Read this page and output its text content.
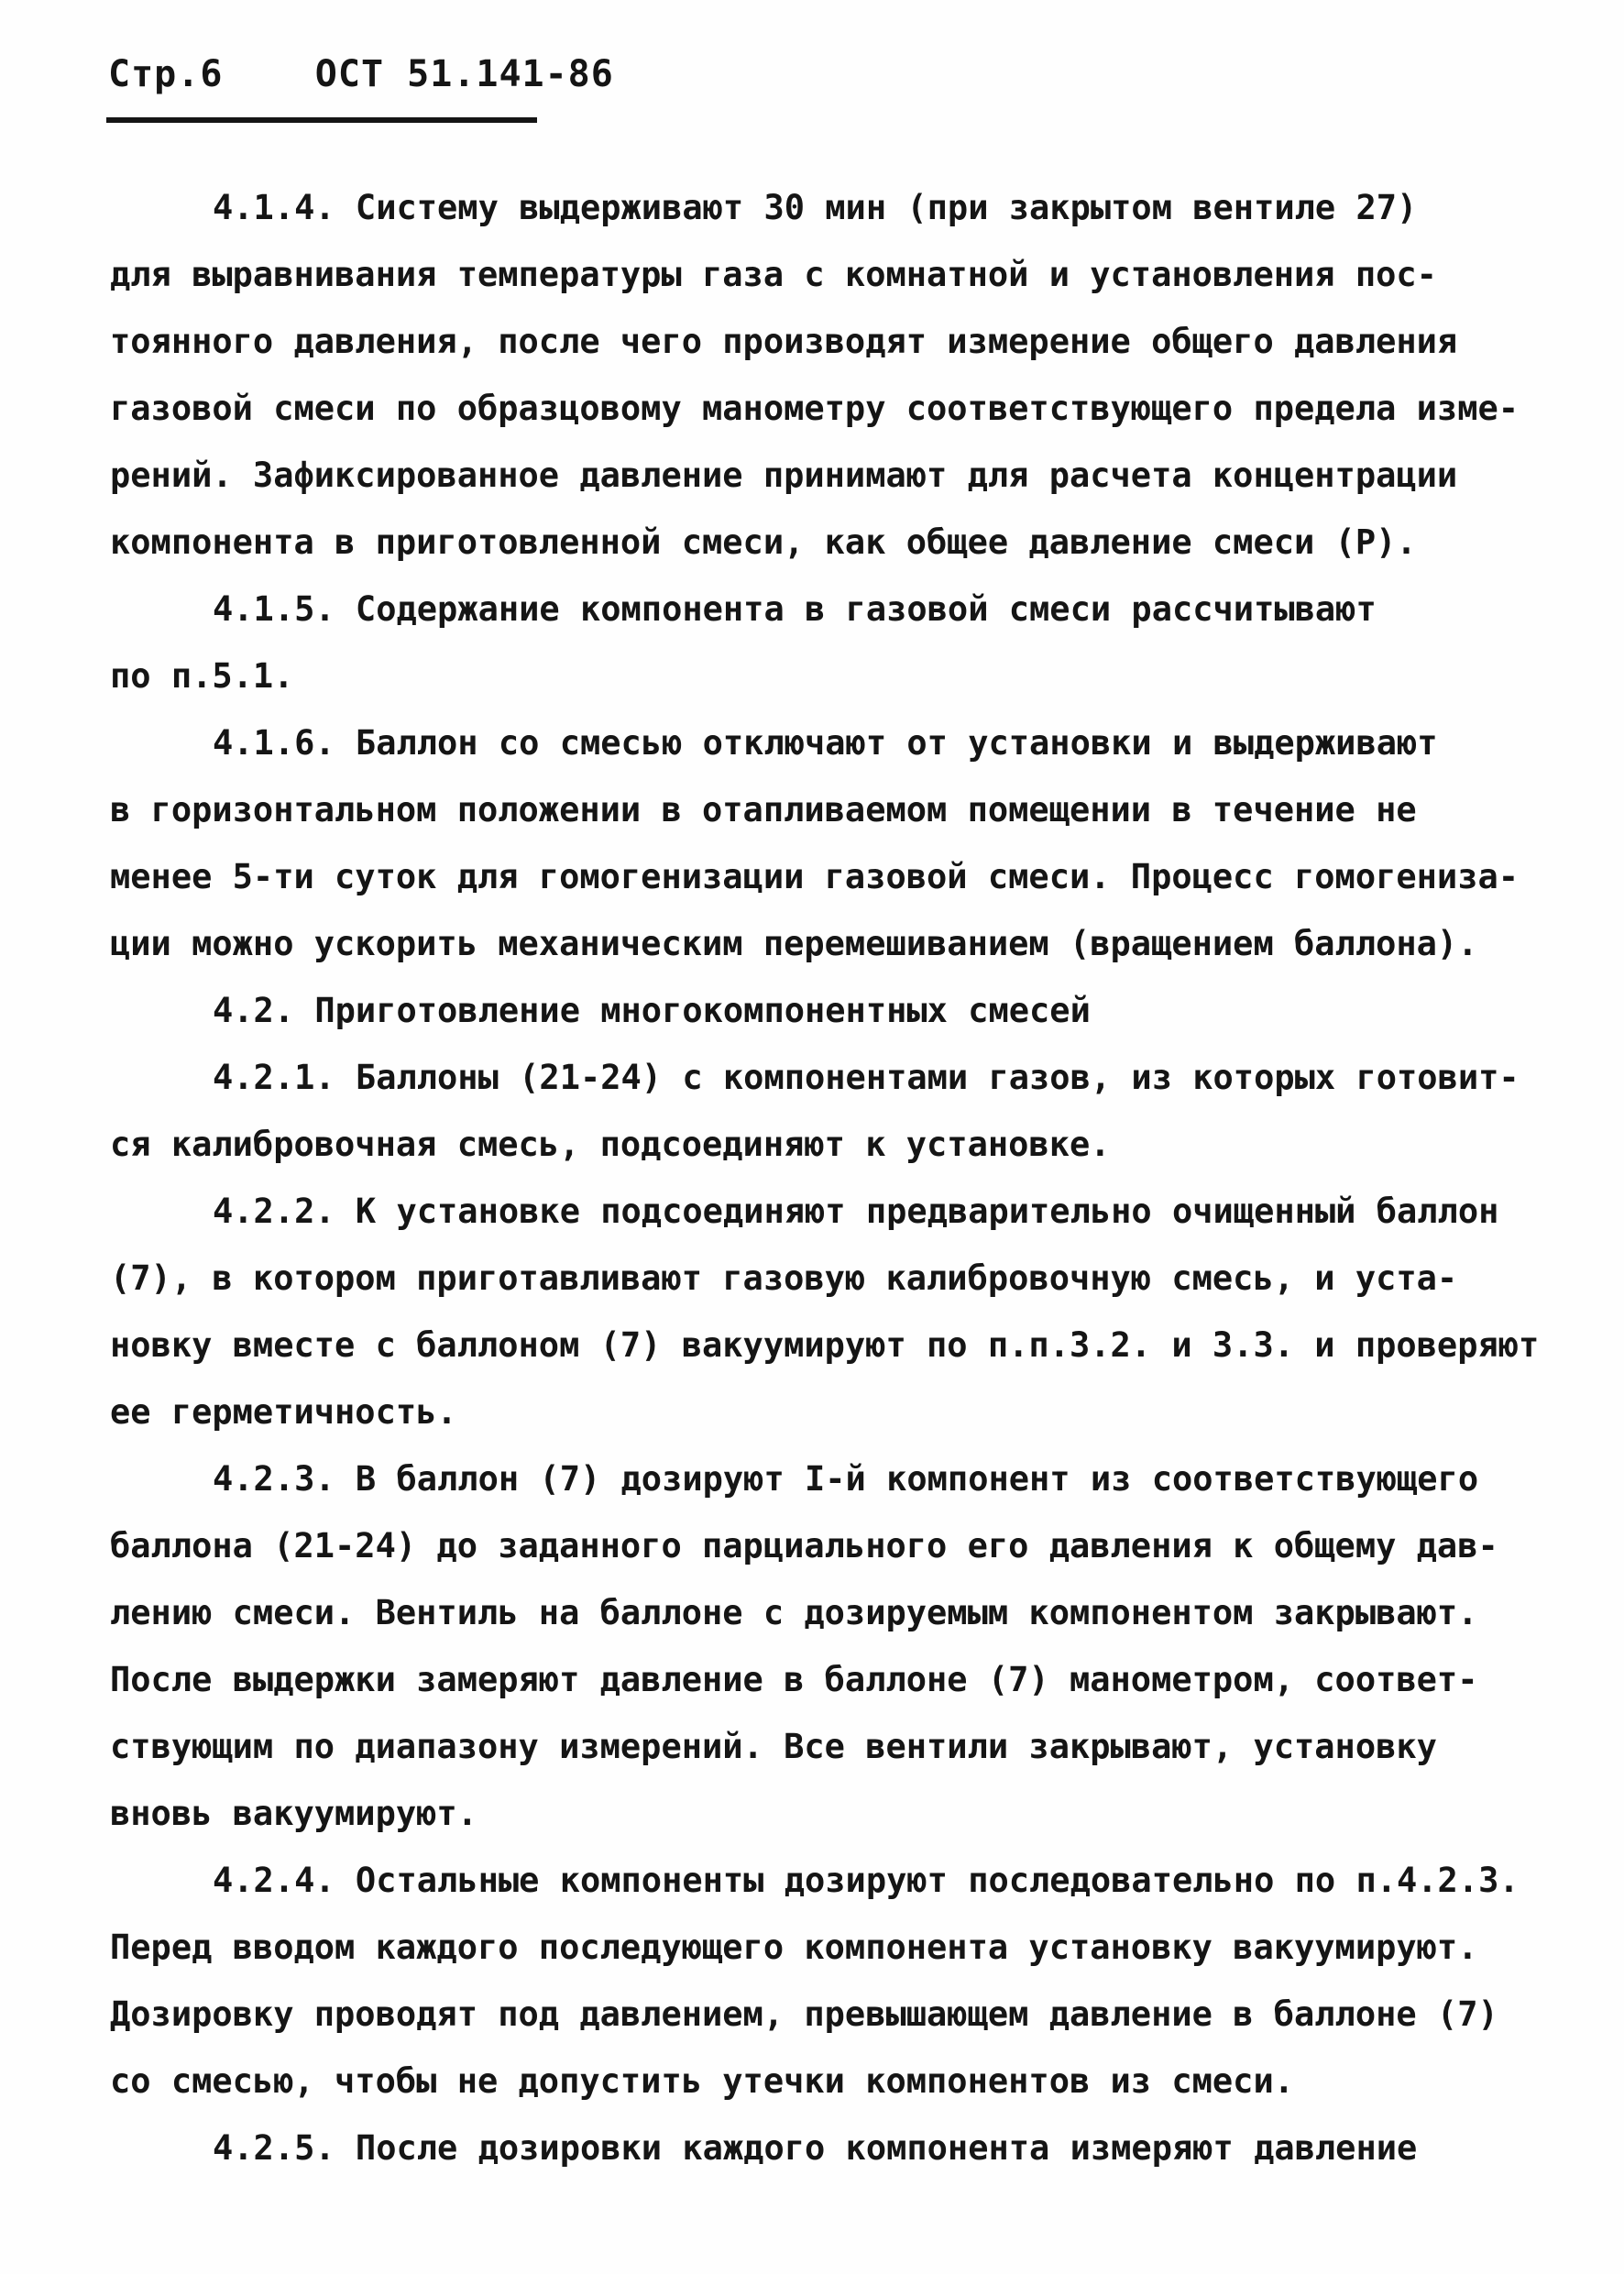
Стр.6	ОСТ 51.141-86
4.1.4. Систему выдерживают 30 мин (при закрытом вентиле 27)
для выравнивания температуры газа с комнатной и установления пос-
тоянного давления, после чего производят измерение общего давления
газовой смеси по образцовому манометру соответствующего предела изме-
рений. Зафиксированное давление принимают для расчета концентрации
компонента в приготовленной смеси, как общее давление смеси (Р).
4.1.5. Содержание компонента в газовой смеси рассчитывают
по п.5.1.
4.1.6. Баллон со смесью отключают от установки и выдерживают
в горизонтальном положении в отапливаемом помещении в течение не
менее 5-ти суток для гомогенизации газовой смеси. Процесс гомогениза-
ции можно ускорить механическим перемешиванием (вращением баллона).
4.2. Приготовление многокомпонентных смесей
4.2.1. Баллоны (21-24) с компонентами газов, из которых готовит-
ся калибровочная смесь, подсоединяют к установке.
4.2.2. К установке подсоединяют предварительно очищенный баллон
(7), в котором приготавливают газовую калибровочную смесь, и уста-
новку вместе с баллоном (7) вакуумируют по п.п.3.2. и 3.3. и проверяют
ее герметичность.
4.2.3. В баллон (7) дозируют I-й компонент из соответствующего
баллона (21-24) до заданного парциального его давления к общему дав-
лению смеси. Вентиль на баллоне с дозируемым компонентом закрывают.
После выдержки замеряют давление в баллоне (7) манометром, соответ-
ствующим по диапазону измерений. Все вентили закрывают, установку
вновь вакуумируют.
4.2.4. Остальные компоненты дозируют последовательно по п.4.2.3.
Перед вводом каждого последующего компонента установку вакуумируют.
Дозировку проводят под давлением, превышающем давление в баллоне (7)
со смесью, чтобы не допустить утечки компонентов из смеси.
4.2.5. После дозировки каждого компонента измеряют давление
